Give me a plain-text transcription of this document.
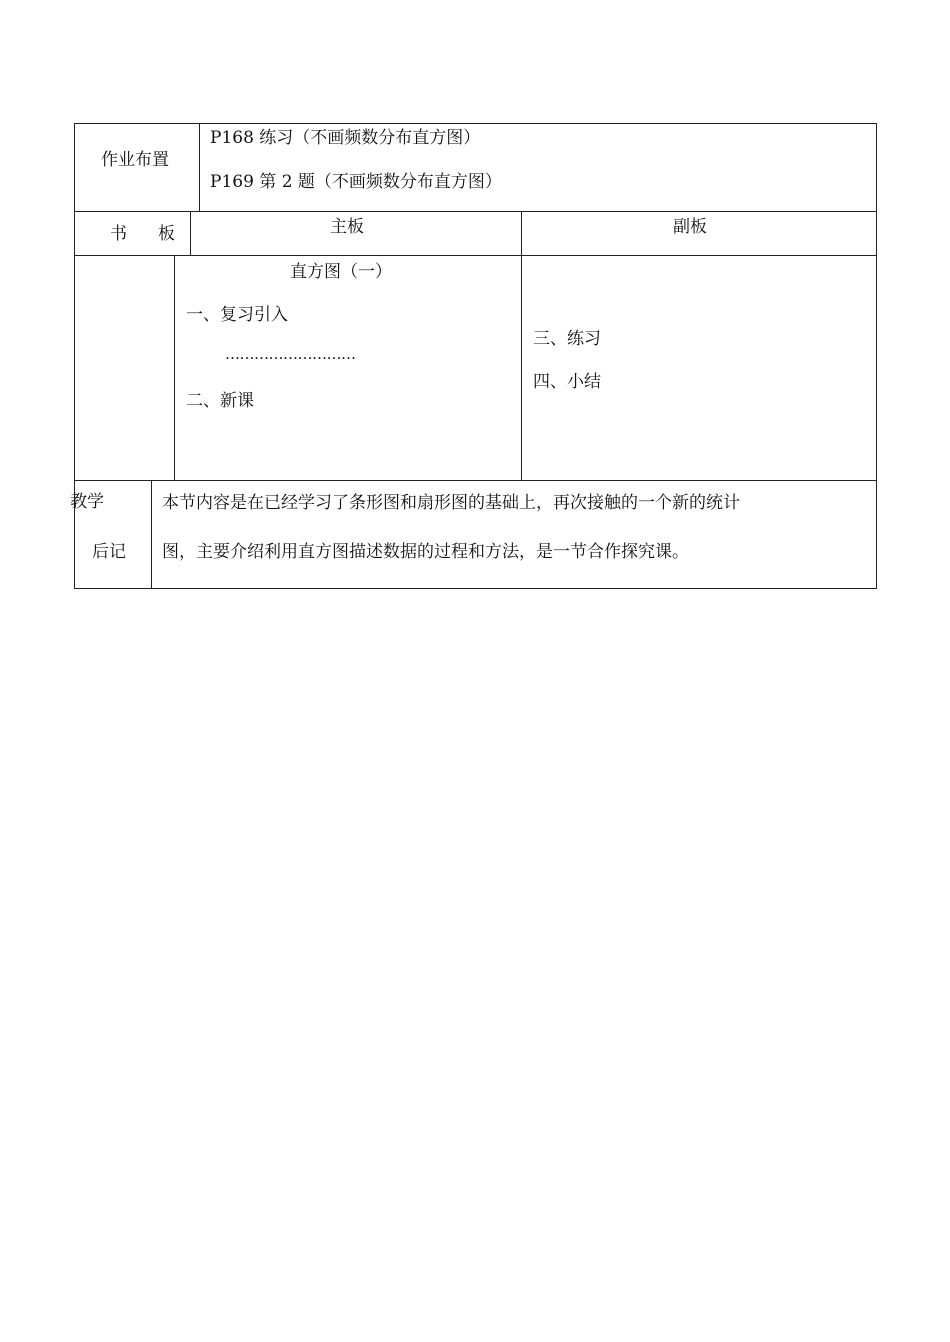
作业布置
P168 练习（不画频数分布直方图）
P169 第 2 题（不画频数分布直方图）
书 板	主板	副板
直方图（一）
一、复习引入
………………………
二、新课
三、练习
四、小结
教学
后记
本节内容是在已经学习了条形图和扇形图的基础上，再次接触的一个新的统计
图，主要介绍利用直方图描述数据的过程和方法，是一节合作探究课。
